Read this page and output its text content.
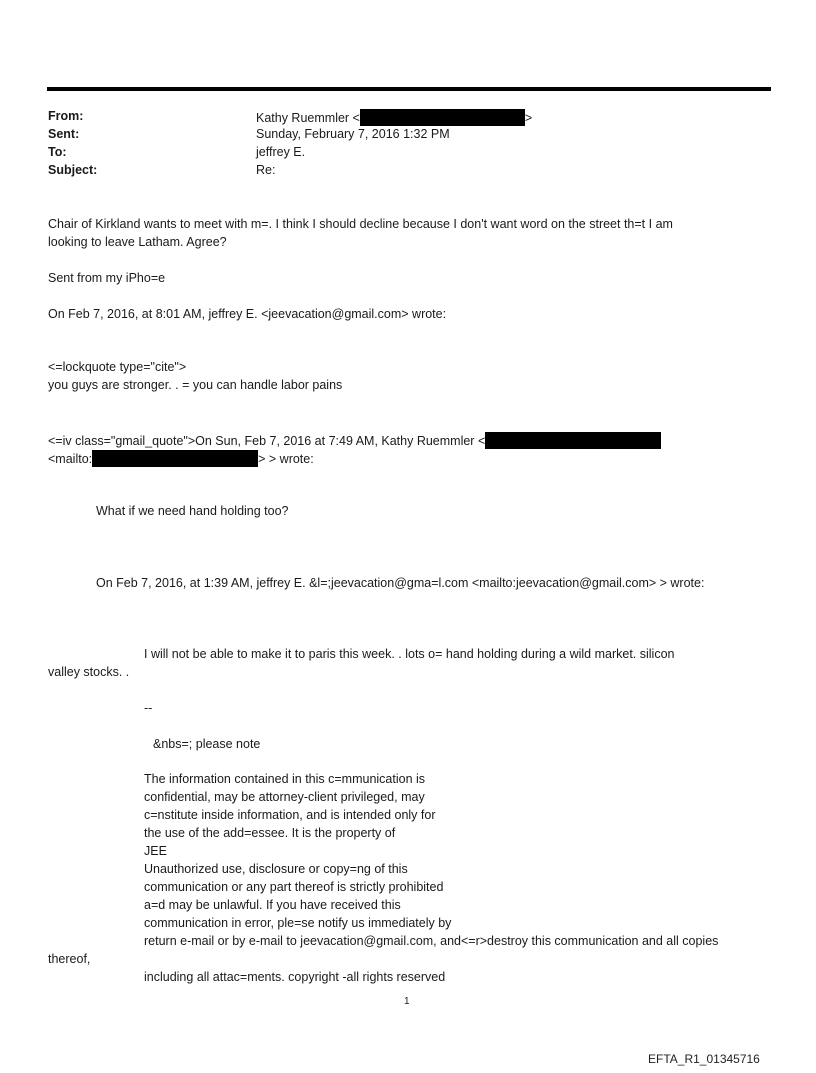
From:
Sent:
To:
Subject:
Kathy Ruemmler <	>
Sunday, February 7, 2016 1:32 PM
jeffrey E.
Re:
Chair of Kirkland wants to meet with m=. I think I should decline because I don't want word on the street th=t I am
looking to leave Latham. Agree?
Sent from my iPho=e
On Feb 7, 2016, at 8:01 AM, jeffrey E. <jeevacation@gmail.com> wrote:
<=lockquote type="cite">
you guys are stronger. . = you can handle labor pains
<=iv class="gmail_quote">On Sun, Feb 7, 2016 at 7:49 AM, Kathy Ruemmler <
<mailto:	> > wrote:
What if we need hand holding too?
On Feb 7, 2016, at 1:39 AM, jeffrey E. &l=;jeevacation@gma=l.com <mailto:jeevacation@gmail.com> > wrote:
I will not be able to make it to paris this week. . lots o= hand holding during a wild market. silicon
valley stocks. .
--
&nbs=; please note
The information contained in this c=mmunication is
confidential, may be attorney-client privileged, may
c=nstitute inside information, and is intended only for
the use of the add=essee. It is the property of
JEE
Unauthorized use, disclosure or copy=ng of this
communication or any part thereof is strictly prohibited
a=d may be unlawful. If you have received this
communication in error, ple=se notify us immediately by
return e-mail or by e-mail to jeevacation@gmail.com, and<=r>destroy this communication and all copies
thereof,
including all attac=ments. copyright -all rights reserved
1
EFTA_R1_01345716
